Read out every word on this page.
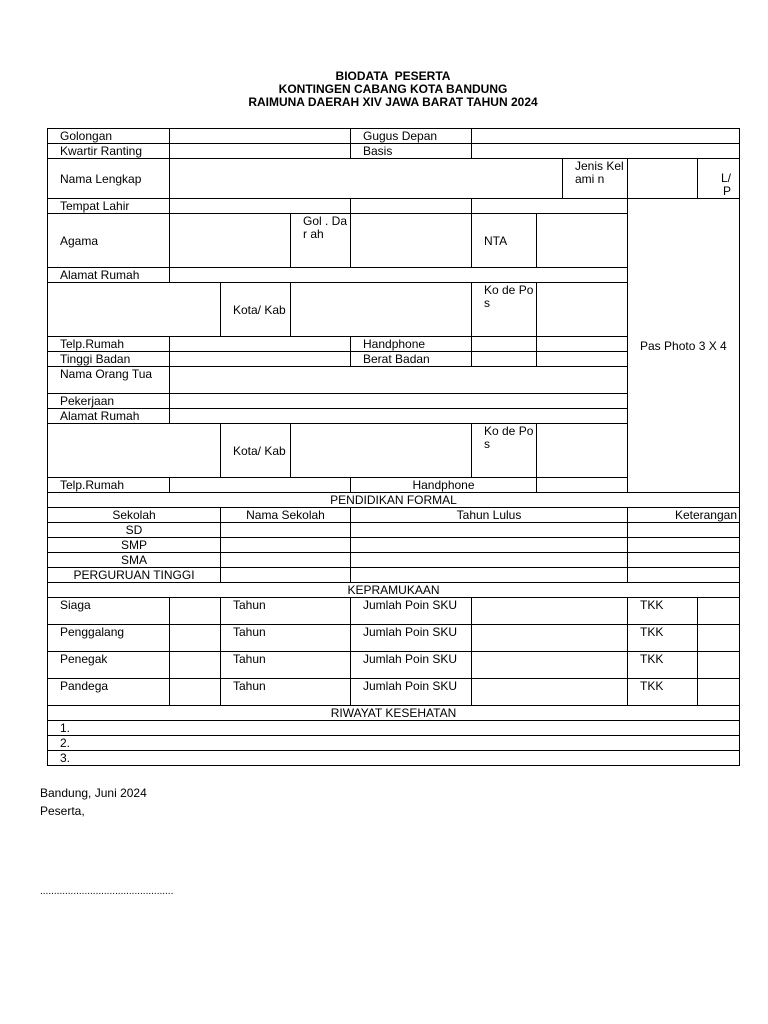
BIODATA  PESERTA
KONTINGEN CABANG KOTA BANDUNG
RAIMUNA DAERAH XIV JAWA BARAT TAHUN 2024
Golongan				Gugus Depan					
Kwartir Ranting				Basis					
Nama Lengkap							Jenis Kelami n		L/ P
Tempat Lahir								Pas Photo 3 X 4	

Agama			Gol . Dar ah		NTA				
Alamat Rumah									
		Kota/ Kab			Ko de Po s				
Telp.Rumah				Handphone					
Tinggi Badan				Berat Badan					
Nama Orang Tua									
Pekerjaan									
Alamat Rumah									
		Kota/ Kab			Ko de Po s				
Telp.Rumah				Handphone					
PENDIDIKAN FORMAL									
Sekolah		Nama Sekolah		Tahun Lulus				Keterangan	
SD									
SMP									
SMA									
PERGURUAN TINGGI									
KEPRAMUKAAN									
Siaga		Tahun		Jumlah Poin SKU				TKK	
Penggalang		Tahun		Jumlah Poin SKU				TKK	
Penegak		Tahun		Jumlah Poin SKU				TKK	
Pandega		Tahun		Jumlah Poin SKU				TKK	
RIWAYAT KESEHATAN									
1.									
2.									
3.									
Bandung, Juni 2024
Peserta,
................................................
